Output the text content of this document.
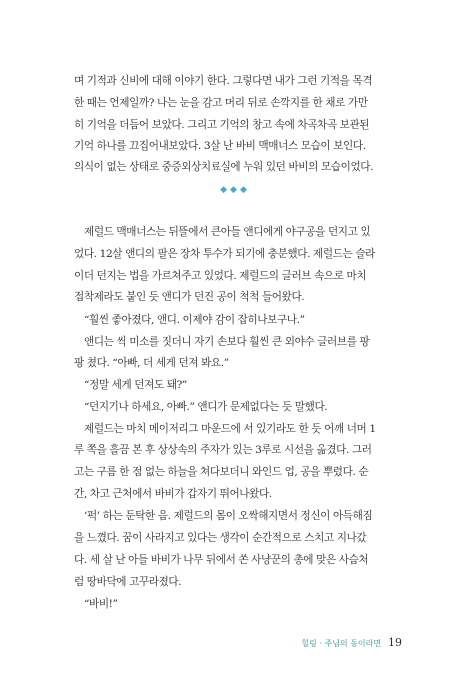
며 기적과 신비에 대해 이야기 한다. 그렇다면 내가 그런 기적을 목격
한 때는 언제일까? 나는 눈을 감고 머리 뒤로 손깍지를 한 채로 가만
히 기억을 더듬어 보았다. 그리고 기억의 창고 속에 차곡차곡 보관된
기억 하나를 끄집어내보았다. 3살 난 바비 맥매너스 모습이 보인다.
의식이 없는 상태로 중증외상치료실에 누워 있던 바비의 모습이었다.
◆◆◆
제럴드 맥매너스는 뒤뜰에서 큰아들 앤디에게 야구공을 던지고 있
었다. 12살 앤디의 팔은 장차 투수가 되기에 충분했다. 제럴드는 슬라
이더 던지는 법을 가르쳐주고 있었다. 제럴드의 글러브 속으로 마치
접착제라도 붙인 듯 앤디가 던진 공이 척척 들어왔다.
“훨씬 좋아졌다, 앤디. 이제야 감이 잡히나보구나.”
앤디는 씩 미소를 짓더니 자기 손보다 훨씬 큰 외야수 글러브를 팡
팡 쳤다. “아빠, 더 세게 던져 봐요.”
“정말 세게 던져도 돼?”
“던지기나 하세요, 아빠.” 앤디가 문제없다는 듯 말했다.
제럴드는 마치 메이저리그 마운드에 서 있기라도 한 듯 어깨 너머 1
루 쪽을 흘끔 본 후 상상속의 주자가 있는 3루로 시선을 옮겼다. 그러
고는 구름 한 점 없는 하늘을 쳐다보더니 와인드 업, 공을 뿌렸다. 순
간, 차고 근처에서 바비가 갑자기 뛰어나왔다.
‘퍽’ 하는 둔탁한 음. 제럴드의 몸이 오싹해지면서 정신이 아득해짐
을 느꼈다. 꿈이 사라지고 있다는 생각이 순간적으로 스치고 지나갔
다. 세 살 난 아들 바비가 나무 뒤에서 쏜 사냥꾼의 총에 맞은 사슴처
럼 땅바닥에 고꾸라졌다.
“바비!”
힐링 · 주님의 동이라면 19
